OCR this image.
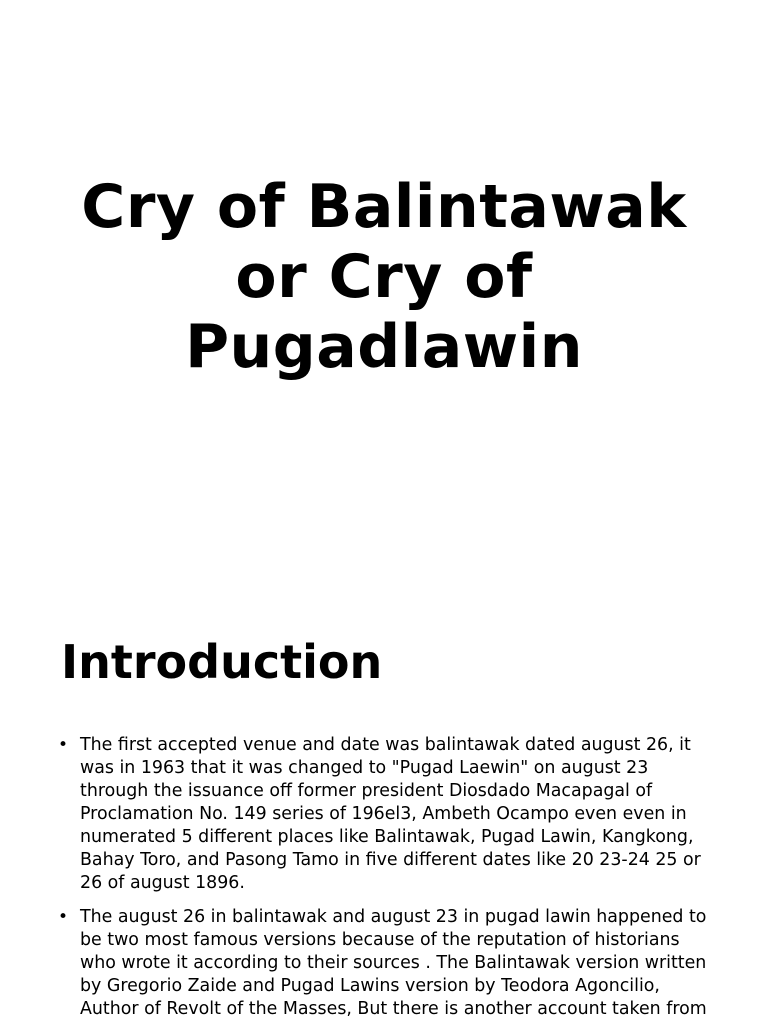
Cry of Balintawak
or Cry of
Pugadlawin
Introduction
• The first accepted venue and date was balintawak dated august 26, it was in 1963 that it was changed to "Pugad Laewin" on august 23 through the issuance off former president Diosdado Macapagal of Proclamation No. 149 series of 196el3, Ambeth Ocampo even even in numerated 5 different places like Balintawak, Pugad Lawin, Kangkong, Bahay Toro, and Pasong Tamo in five different dates like 20 23-24 25 or 26 of august 1896.
• The august 26 in balintawak and august 23 in pugad lawin happened to be two most famous versions because of the reputation of historians who wrote it according to their sources . The Balintawak version written by Gregorio Zaide and Pugad Lawins version by Teodora Agoncilio, Author of Revolt of the Masses, But there is another account taken from
